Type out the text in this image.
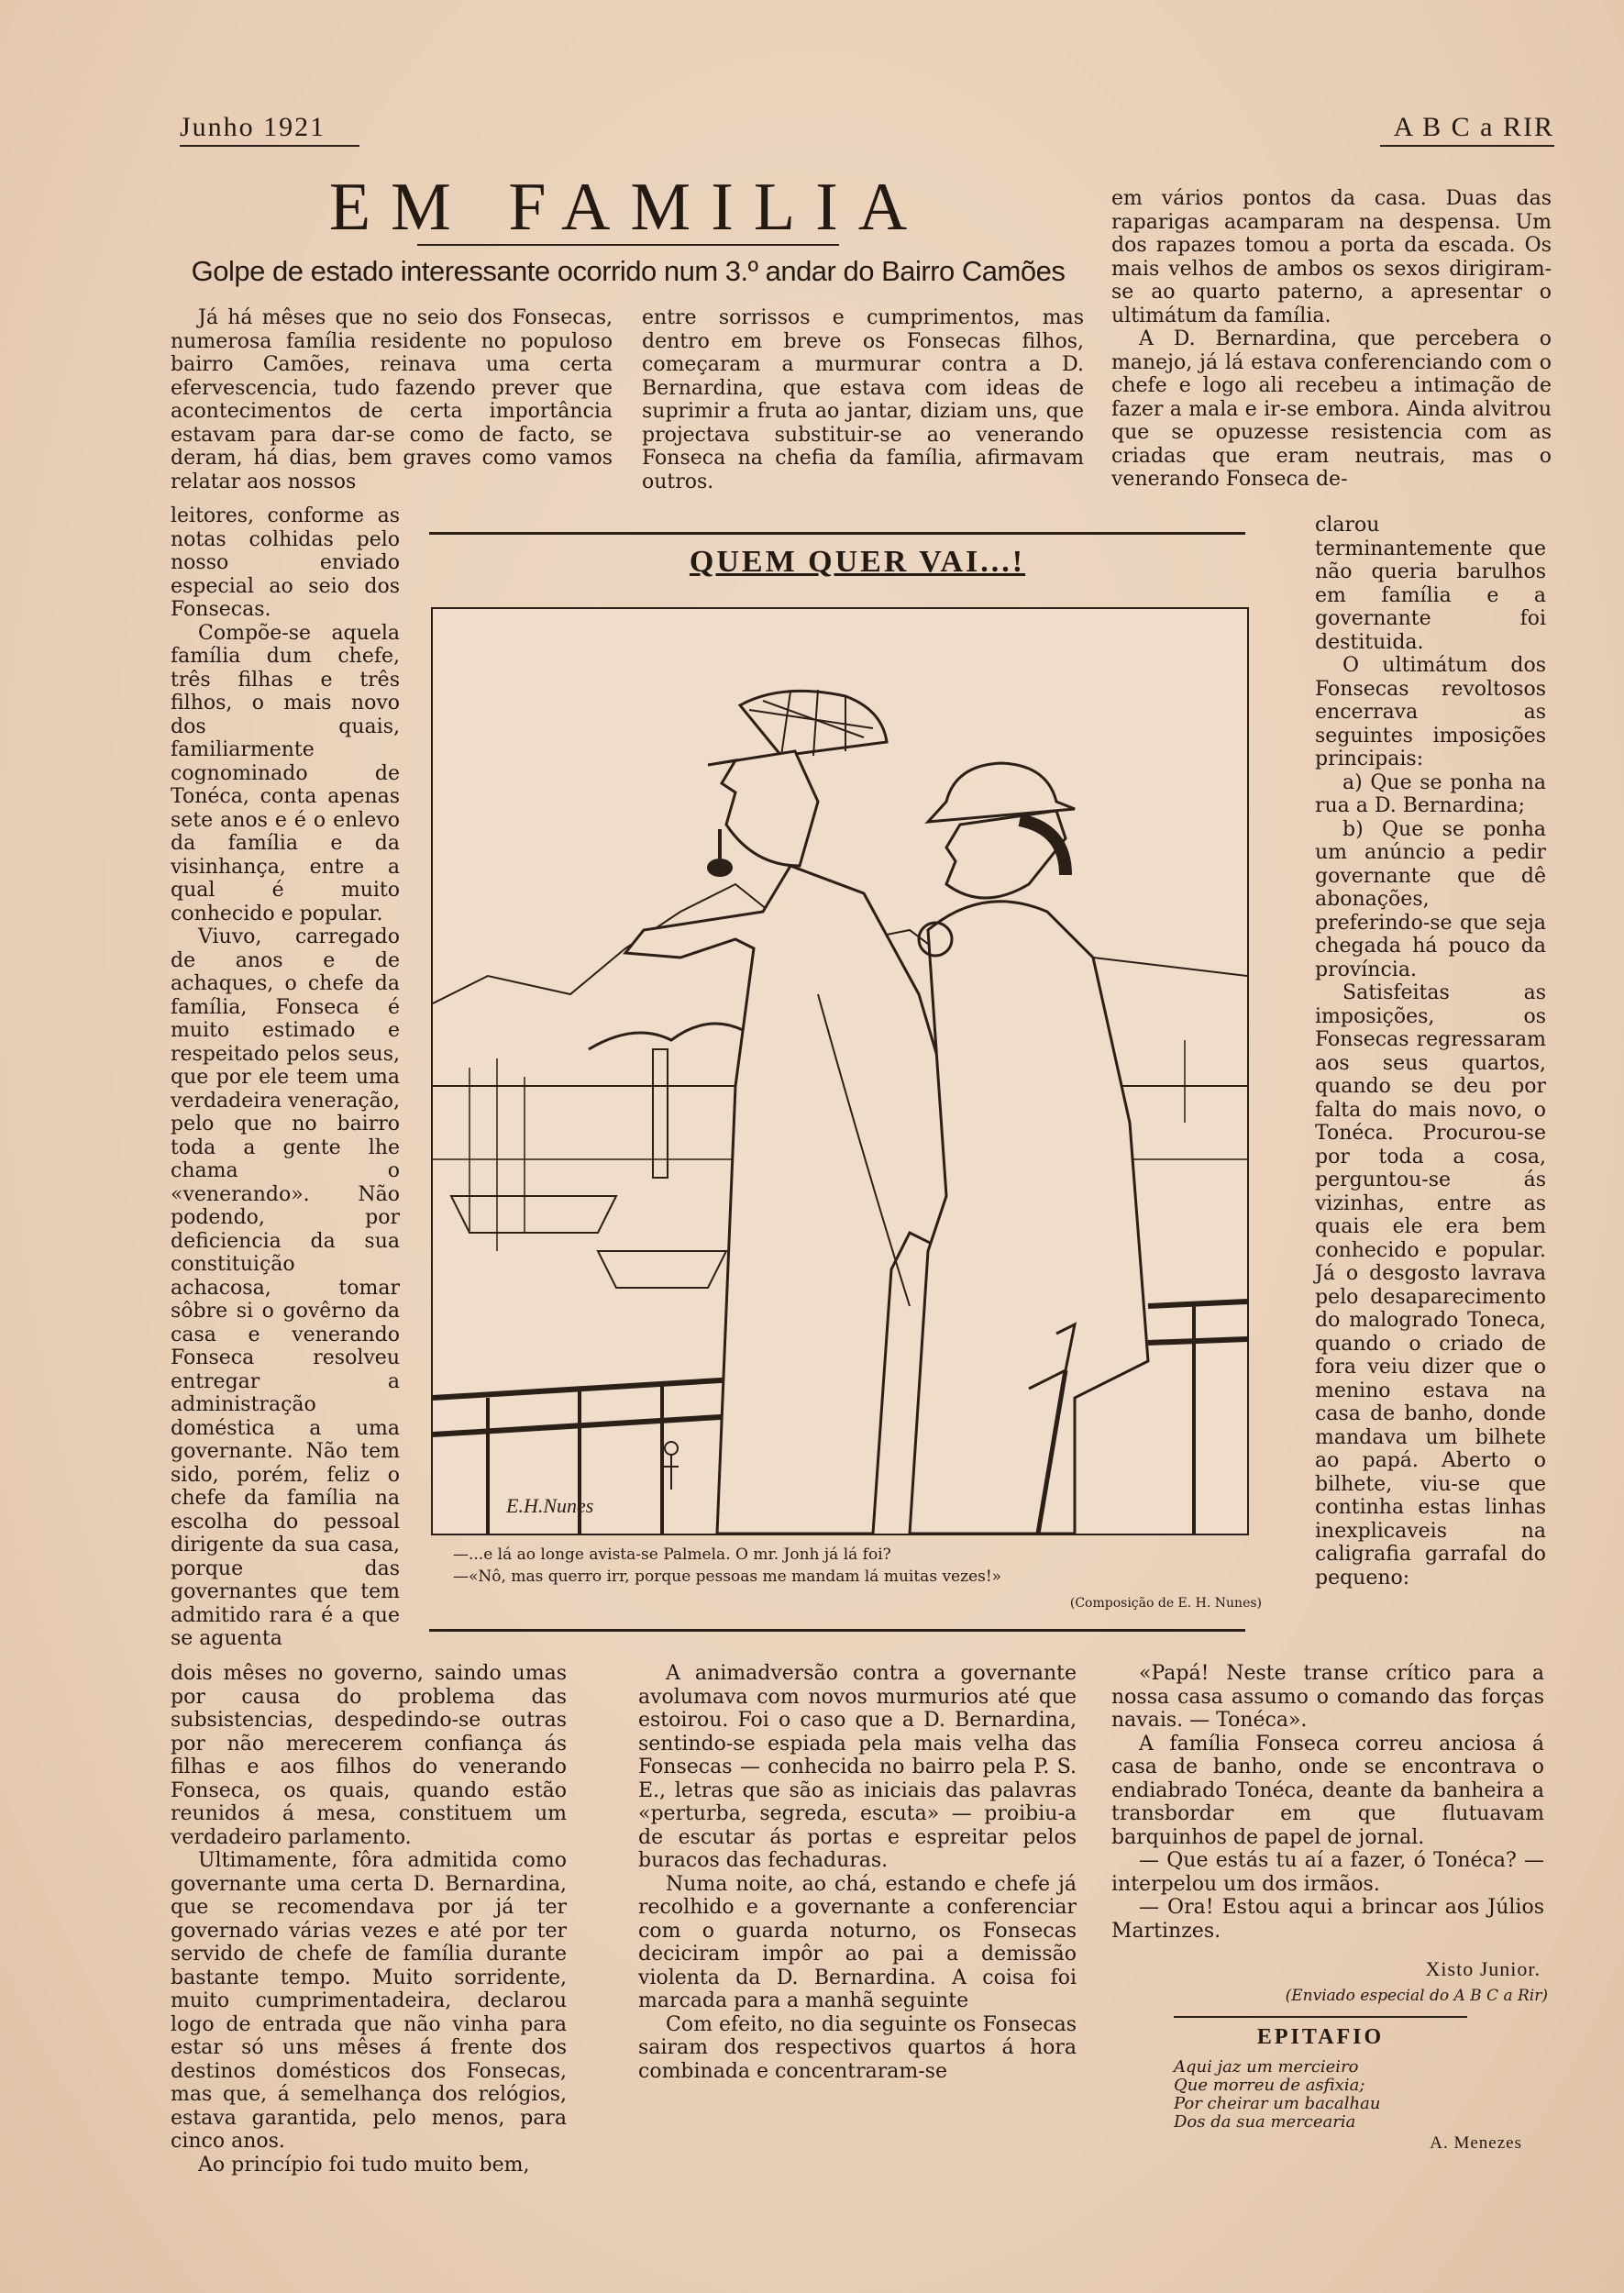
Junho 1921	A B C a RIR
EM FAMILIA
Golpe de estado interessante ocorrido num 3.º andar do Bairro Camões

Já há mêses que no seio dos Fonsecas, numerosa família residente no populoso bairro Camões, reinava uma certa efervescencia, tudo fazendo prever que acontecimentos de certa importância estavam para dar-se como de facto, se deram, há dias, bem graves como vamos relatar aos nossos

leitores, conforme as notas colhidas pelo nosso enviado especial ao seio dos Fonsecas.

Compõe-se aquela família dum chefe, três filhas e três filhos, o mais novo dos quais, familiarmente cognominado de Tonéca, conta apenas sete anos e é o enlevo da família e da visinhança, entre a qual é muito conhecido e popular.

Viuvo, carregado de anos e de achaques, o chefe da família, Fonseca é muito estimado e respeitado pelos seus, que por ele teem uma verdadeira veneração, pelo que no bairro toda a gente lhe chama o «venerando». Não podendo, por deficiencia da sua constituição achacosa, tomar sôbre si o govêrno da casa e venerando Fonseca resolveu entregar a administração doméstica a uma governante. Não tem sido, porém, feliz o chefe da família na escolha do pessoal dirigente da sua casa, porque das governantes que tem admitido rara é a que se aguenta

dois mêses no governo, saindo umas por causa do problema das subsistencias, despedindo-se outras por não merecerem confiança ás filhas e aos filhos do venerando Fonseca, os quais, quando estão reunidos á mesa, constituem um verdadeiro parlamento.

Ultimamente, fôra admitida como governante uma certa D. Bernardina, que se recomendava por já ter governado várias vezes e até por ter servido de chefe de família durante bastante tempo. Muito sorridente, muito cumprimentadeira, declarou logo de entrada que não vinha para estar só uns mêses á frente dos destinos domésticos dos Fonsecas, mas que, á semelhança dos relógios, estava garantida, pelo menos, para cinco anos.

Ao princípio foi tudo muito bem,

entre sorrissos e cumprimentos, mas dentro em breve os Fonsecas filhos, começaram a murmurar contra a D. Bernardina, que estava com ideas de suprimir a fruta ao jantar, diziam uns, que projectava substituir-se ao venerando Fonseca na chefia da família, afirmavam outros.

A animadversão contra a governante avolumava com novos murmurios até que estoirou. Foi o caso que a D. Bernardina, sentindo-se espiada pela mais velha das Fonsecas — conhecida no bairro pela P. S. E., letras que são as iniciais das palavras «perturba, segreda, escuta» — proibiu-a de escutar ás portas e espreitar pelos buracos das fechaduras.

Numa noite, ao chá, estando e chefe já recolhido e a governante a conferenciar com o guarda noturno, os Fonsecas deciciram impôr ao pai a demissão violenta da D. Bernardina. A coisa foi marcada para a manhã seguinte

Com efeito, no dia seguinte os Fonsecas sairam dos respectivos quartos á hora combinada e concentraram-se

em vários pontos da casa. Duas das raparigas acamparam na despensa. Um dos rapazes tomou a porta da escada. Os mais velhos de ambos os sexos dirigiram-se ao quarto paterno, a apresentar o ultimátum da família.

A D. Bernardina, que percebera o manejo, já lá estava conferenciando com o chefe e logo ali recebeu a intimação de fazer a mala e ir-se embora. Ainda alvitrou que se opuzesse resistencia com as criadas que eram neutrais, mas o venerando Fonseca de-

clarou terminantemente que não queria barulhos em família e a governante foi destituida.

O ultimátum dos Fonsecas revoltosos encerrava as seguintes imposições principais:

a) Que se ponha na rua a D. Bernardina;

b) Que se ponha um anúncio a pedir governante que dê abonações, preferindo-se que seja chegada há pouco da província.

Satisfeitas as imposições, os Fonsecas regressaram aos seus quartos, quando se deu por falta do mais novo, o Tonéca. Procurou-se por toda a cosa, perguntou-se ás vizinhas, entre as quais ele era bem conhecido e popular. Já o desgosto lavrava pelo desaparecimento do malogrado Toneca, quando o criado de fora veiu dizer que o menino estava na casa de banho, donde mandava um bilhete ao papá. Aberto o bilhete, viu-se que continha estas linhas inexplicaveis na caligrafia garrafal do pequeno:

«Papá! Neste transe crítico para a nossa casa assumo o comando das forças navais. — Tonéca».

A família Fonseca correu anciosa á casa de banho, onde se encontrava o endiabrado Tonéca, deante da banheira a transbordar em que flutuavam barquinhos de papel de jornal.

— Que estás tu aí a fazer, ó Tonéca? — interpelou um dos irmãos.

— Ora! Estou aqui a brincar aos Júlios Martinzes.

Xisto Junior.
(Enviado especial do A B C a Rir)
QUEM QUER VAI...!
E.H.Nunes
—...e lá ao longe avista-se Palmela. O mr. Jonh já lá foi?
—«Nô, mas querro irr, porque pessoas me mandam lá muitas vezes!»
(Composição de E. H. Nunes)
EPITAFIO
Aqui jaz um mercieiro
Que morreu de asfixia;
Por cheirar um bacalhau
Dos da sua mercearia
A. Menezes
